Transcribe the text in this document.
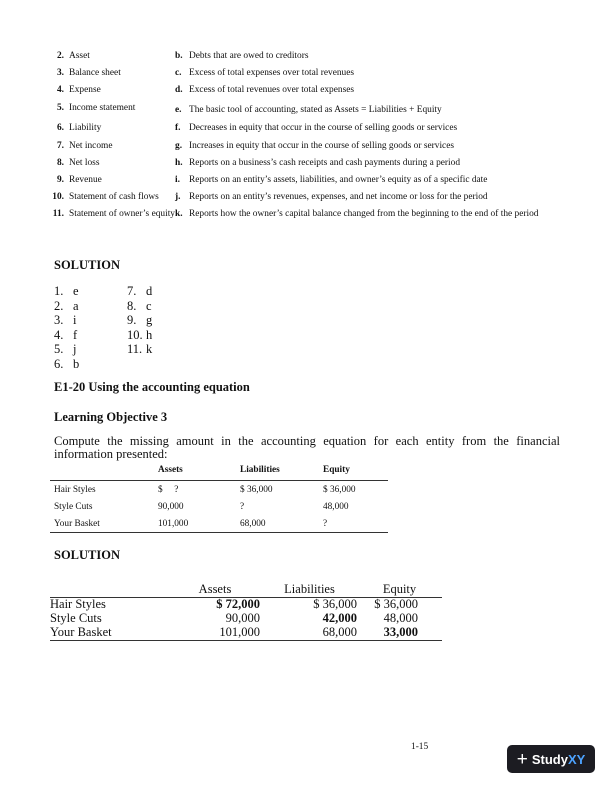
2. Asset	b. Debts that are owed to creditors
3. Balance sheet	c. Excess of total expenses over total revenues
4. Expense	d. Excess of total revenues over total expenses
5. Income statement	e. The basic tool of accounting, stated as Assets = Liabilities + Equity
6. Liability	f. Decreases in equity that occur in the course of selling goods or services
7. Net income	g. Increases in equity that occur in the course of selling goods or services
8. Net loss	h. Reports on a business’s cash receipts and cash payments during a period
9. Revenue	i. Reports on an entity’s assets, liabilities, and owner’s equity as of a specific date
10. Statement of cash flows	j. Reports on an entity’s revenues, expenses, and net income or loss for the period
11. Statement of owner’s equity k. Reports how the owner’s capital balance changed from the beginning to the end of the period
SOLUTION
1. e
2. a
3. i
4. f
5. j
6. b
7. d
8. c
9. g
10. h
11. k
E1-20 Using the accounting equation
Learning Objective 3
Compute the missing amount in the accounting equation for each entity from the financial information presented:
	Assets	Liabilities	Equity
Hair Styles	$     ?	$ 36,000	$ 36,000
Style Cuts	90,000	?	48,000
Your Basket	101,000	68,000	?
SOLUTION
	Assets	Liabilities	Equity
Hair Styles	$ 72,000	$ 36,000	$ 36,000
Style Cuts	90,000	42,000	48,000
Your Basket	101,000	68,000	33,000
1-15
+ Study XY
